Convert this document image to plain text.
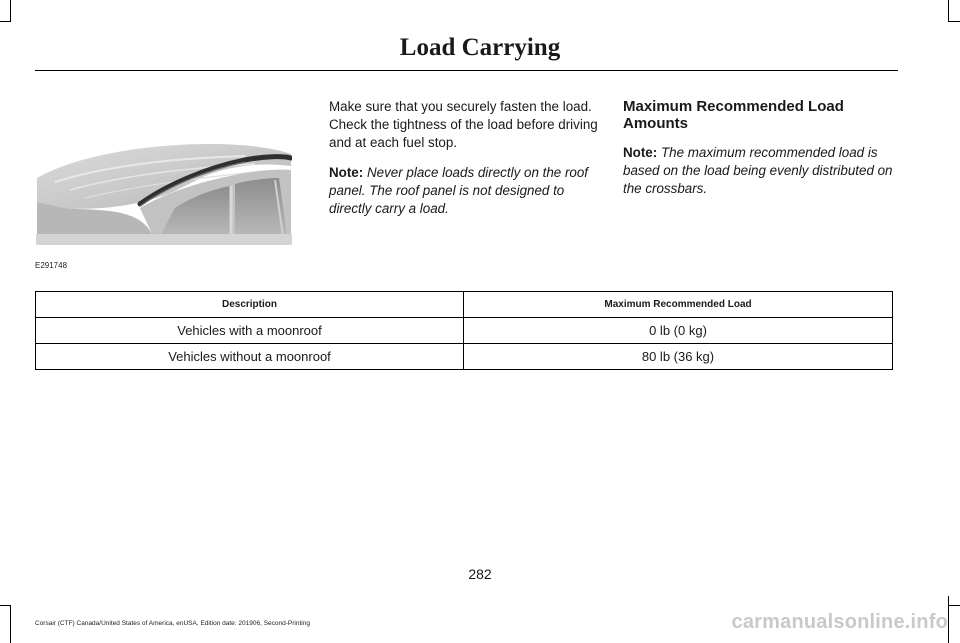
Load Carrying
E291748

Make sure that you securely fasten the load. Check the tightness of the load before driving and at each fuel stop.

Note: Never place loads directly on the roof panel. The roof panel is not designed to directly carry a load.

Maximum Recommended Load Amounts

Note: The maximum recommended load is based on the load being evenly distributed on the crossbars.

Description	Maximum Recommended Load
Vehicles with a moonroof	0 lb (0 kg)
Vehicles without a moonroof	80 lb (36 kg)
282
Corsair (CTF) Canada/United States of America, enUSA, Edition date: 201906, Second-Printing	carmanualsonline.info
